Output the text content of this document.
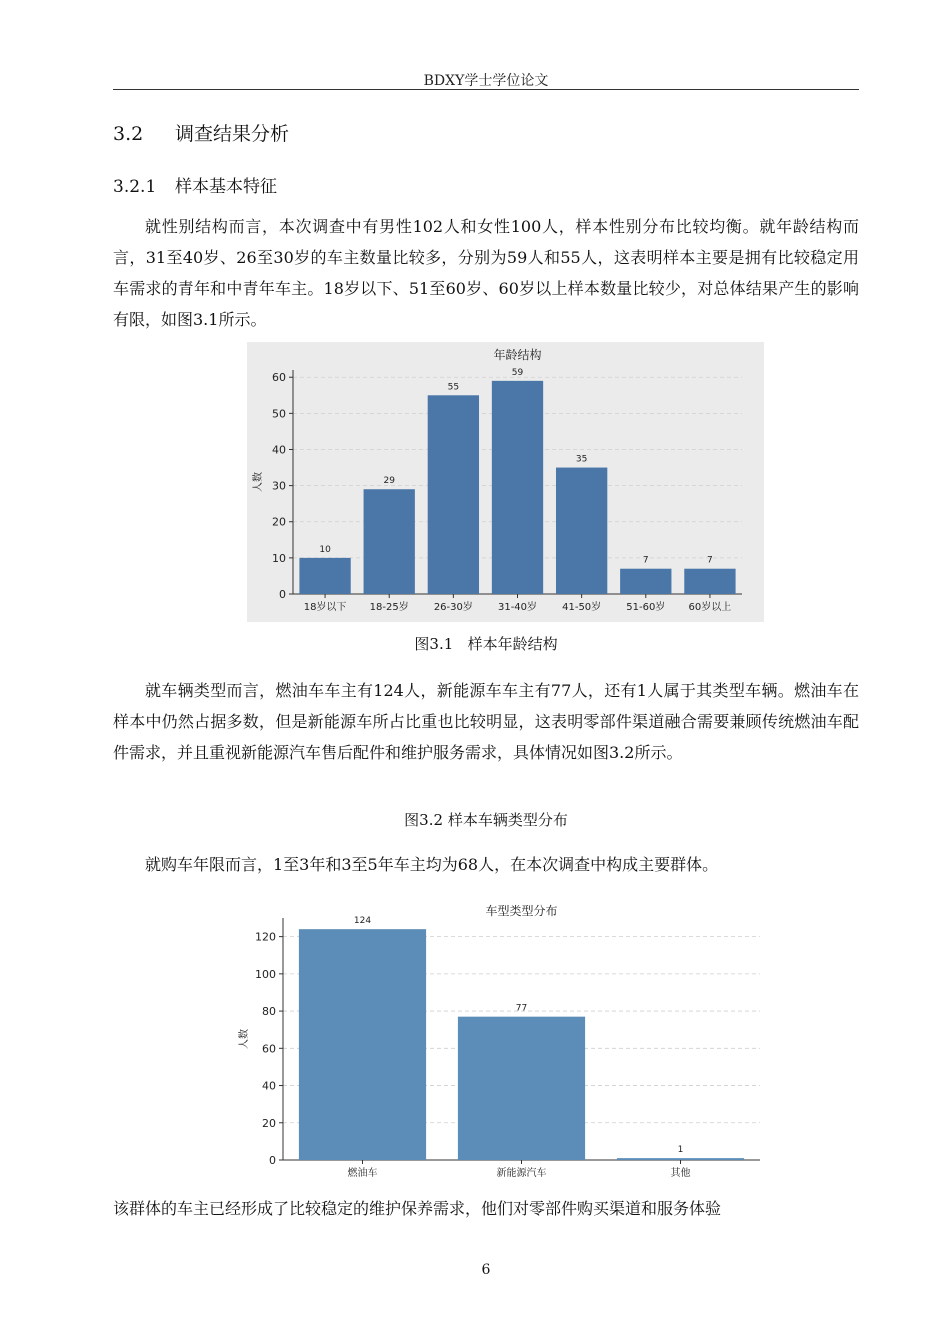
BDXY学士学位论文
3.2 调查结果分析
3.2.1 样本基本特征

就性别结构而言，本次调查中有男性102人和女性100人，样本性别分布比较均衡。就年龄结构而言，31至40岁、26至30岁的车主数量比较多，分别为59人和55人，这表明样本主要是拥有比较稳定用车需求的青年和中青年车主。18岁以下、51至60岁、60岁以上样本数量比较少，对总体结果产生的影响有限，如图3.1所示。

0
10
20
30
40
50
60
10
18岁以下
29
18-25岁
55
26-30岁
59
31-40岁
35
41-50岁
7
51-60岁
7
60岁以上
年龄结构
人数
图3.1 样本年龄结构

就车辆类型而言，燃油车车主有124人，新能源车车主有77人，还有1人属于其类型车辆。燃油车在样本中仍然占据多数，但是新能源车所占比重也比较明显，这表明零部件渠道融合需要兼顾传统燃油车配件需求，并且重视新能源汽车售后配件和维护服务需求，具体情况如图3.2所示。

图3.2 样本车辆类型分布

就购车年限而言，1至3年和3至5年车主均为68人，在本次调查中构成主要群体。

0
20
40
60
80
100
120
124
燃油车
77
新能源汽车
1
其他
车型类型分布
人数

该群体的车主已经形成了比较稳定的维护保养需求，他们对零部件购买渠道和服务体验

6
